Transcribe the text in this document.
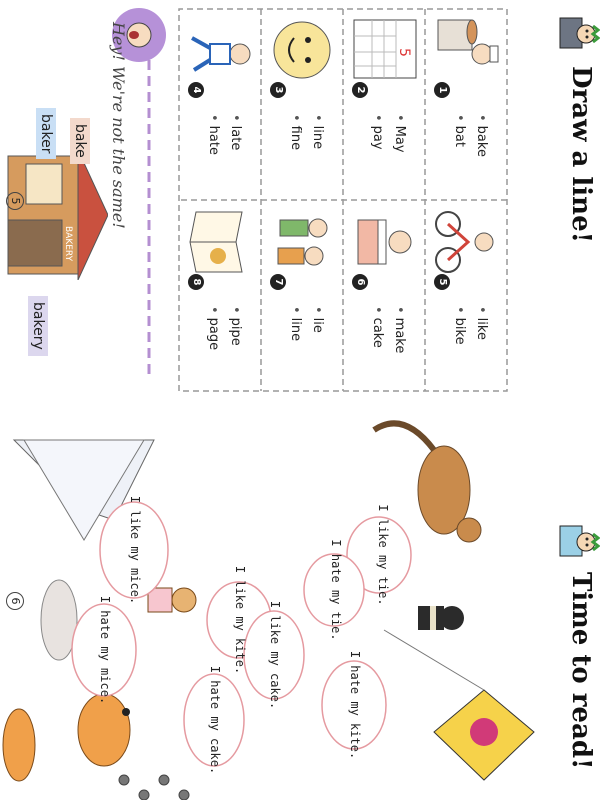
Draw a line!
1
• bake
• bat
5
2
• May
• pay
3
• line
• fine
4
• late
• hate
5
• like
• bike
6
• make
• cake
7
• lie
• line
8
• pipe
• page
Hey! We're not the same!
BAKERY
bake
baker
bakery
5
Time to read!
I like my tie.
I hate my tie.
I like my kite.
I hate my kite.
I like my cake.
I hate my cake.
I like my mice.
I hate my mice.
6
